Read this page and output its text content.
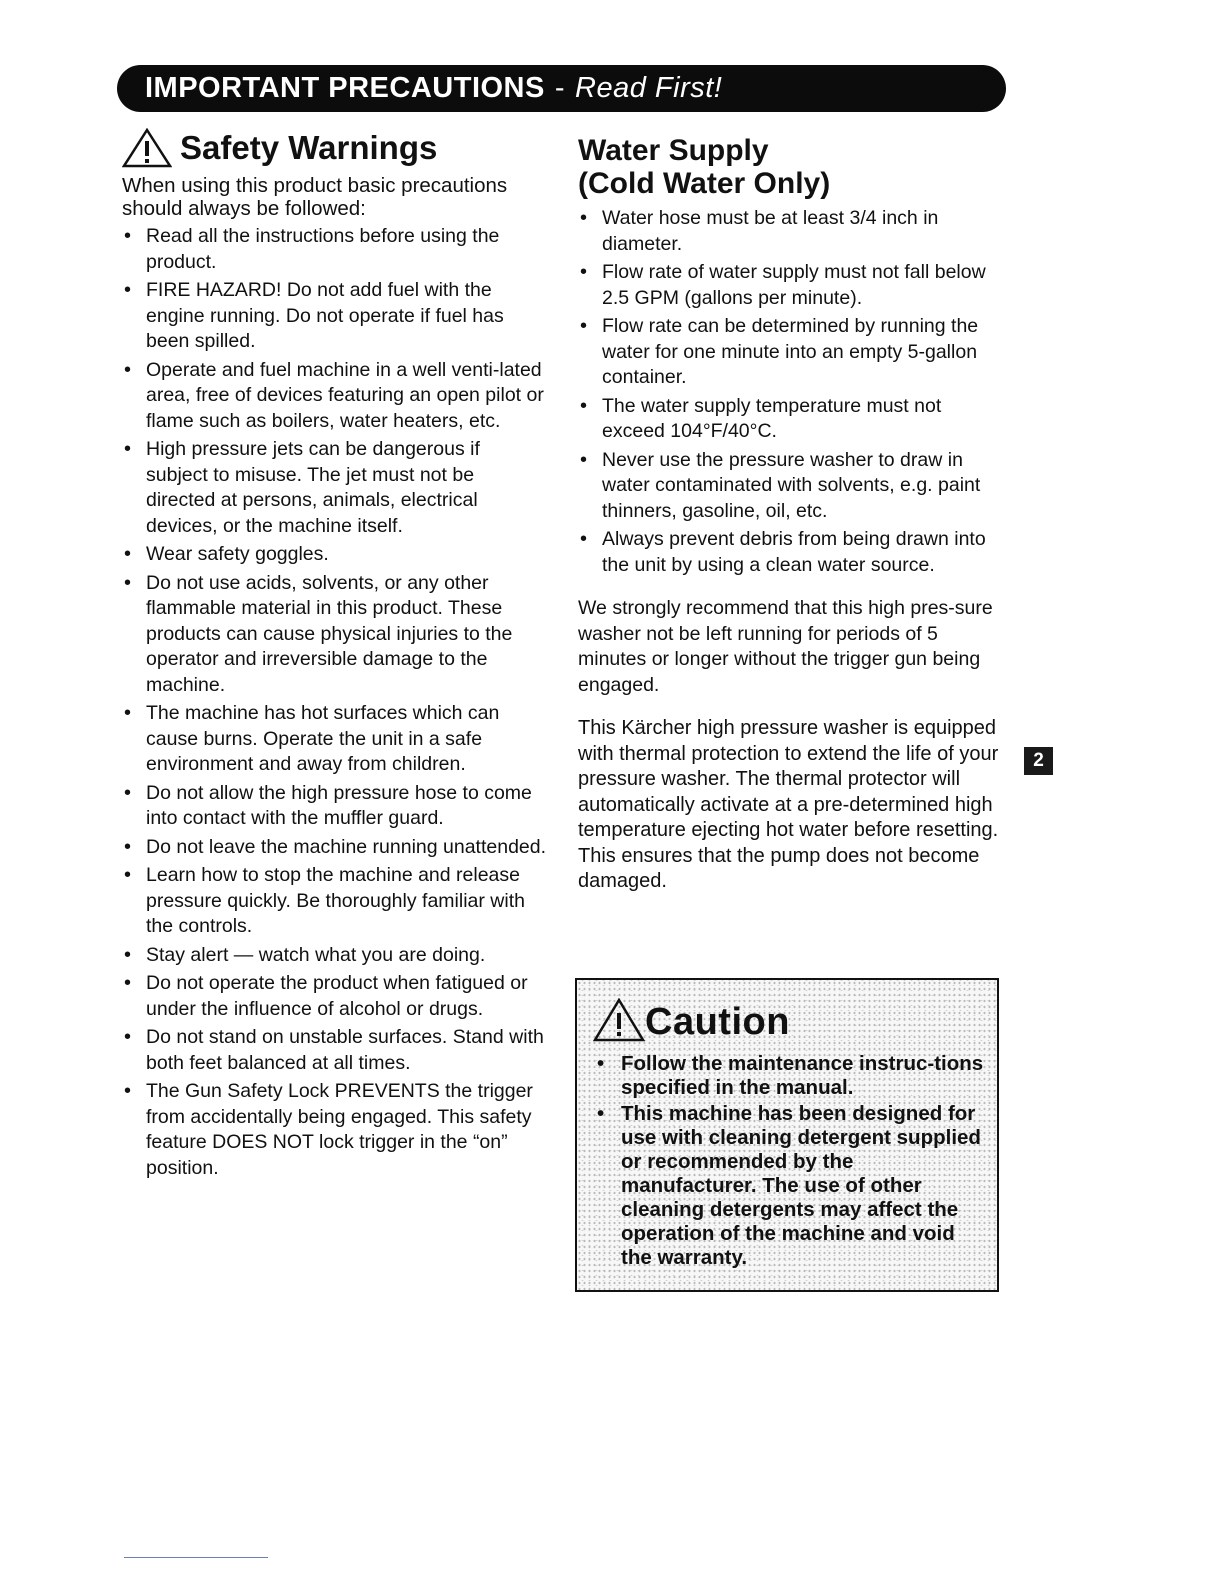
IMPORTANT PRECAUTIONS - Read First!
Safety Warnings

When using this product basic precautions should always be followed:

• Read all the instructions before using the product.
• FIRE HAZARD! Do not add fuel with the engine running. Do not operate if fuel has been spilled.
• Operate and fuel machine in a well venti-lated area, free of devices featuring an open pilot or flame such as boilers, water heaters, etc.
• High pressure jets can be dangerous if subject to misuse. The jet must not be directed at persons, animals, electrical devices, or the machine itself.
• Wear safety goggles.
• Do not use acids, solvents, or any other flammable material in this product. These products can cause physical injuries to the operator and irreversible damage to the machine.
• The machine has hot surfaces which can cause burns. Operate the unit in a safe environment and away from children.
• Do not allow the high pressure hose to come into contact with the muffler guard.
• Do not leave the machine running unattended.
• Learn how to stop the machine and release pressure quickly. Be thoroughly familiar with the controls.
• Stay alert — watch what you are doing.
• Do not operate the product when fatigued or under the influence of alcohol or drugs.
• Do not stand on unstable surfaces. Stand with both feet balanced at all times.
• The Gun Safety Lock PREVENTS the trigger from accidentally being engaged. This safety feature DOES NOT lock trigger in the “on” position.
Water Supply
(Cold Water Only)
• Water hose must be at least 3/4 inch in diameter.
• Flow rate of water supply must not fall below 2.5 GPM (gallons per minute).
• Flow rate can be determined by running the water for one minute into an empty 5-gallon container.
• The water supply temperature must not exceed 104°F/40°C.
• Never use the pressure washer to draw in water contaminated with solvents, e.g. paint thinners, gasoline, oil, etc.
• Always prevent debris from being drawn into the unit by using a clean water source.

We strongly recommend that this high pres-sure washer not be left running for periods of 5 minutes or longer without the trigger gun being engaged.

This Kärcher high pressure washer is equipped with thermal protection to extend the life of your pressure washer. The thermal protector will automatically activate at a pre-determined high temperature ejecting hot water before resetting. This ensures that the pump does not become damaged.

2
Caution
• Follow the maintenance instruc-tions specified in the manual.
• This machine has been designed for use with cleaning detergent supplied or recommended by the manufacturer. The use of other cleaning detergents may affect the operation of the machine and void the warranty.
